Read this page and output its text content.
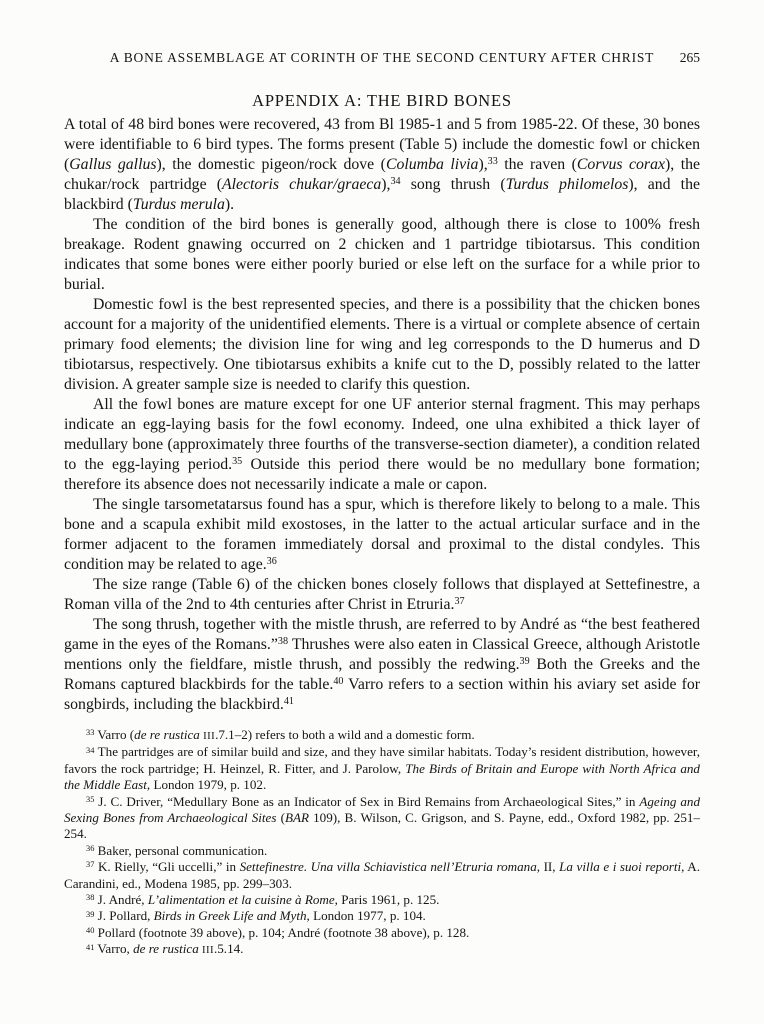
A BONE ASSEMBLAGE AT CORINTH OF THE SECOND CENTURY AFTER CHRIST 265
APPENDIX A: THE BIRD BONES

A total of 48 bird bones were recovered, 43 from Bl 1985-1 and 5 from 1985-22. Of these, 30 bones were identifiable to 6 bird types. The forms present (Table 5) include the domestic fowl or chicken (Gallus gallus), the domestic pigeon/rock dove (Columba livia),$^{33}$ the raven (Corvus corax), the chukar/rock partridge (Alectoris chukar/graeca),$^{34}$ song thrush (Turdus philomelos), and the blackbird (Turdus merula).

The condition of the bird bones is generally good, although there is close to 100% fresh breakage. Rodent gnawing occurred on 2 chicken and 1 partridge tibiotarsus. This condition indicates that some bones were either poorly buried or else left on the surface for a while prior to burial.

Domestic fowl is the best represented species, and there is a possibility that the chicken bones account for a majority of the unidentified elements. There is a virtual or complete absence of certain primary food elements; the division line for wing and leg corresponds to the D humerus and D tibiotarsus, respectively. One tibiotarsus exhibits a knife cut to the D, possibly related to the latter division. A greater sample size is needed to clarify this question.

All the fowl bones are mature except for one UF anterior sternal fragment. This may perhaps indicate an egg-laying basis for the fowl economy. Indeed, one ulna exhibited a thick layer of medullary bone (approximately three fourths of the transverse-section diameter), a condition related to the egg-laying period.$^{35}$ Outside this period there would be no medullary bone formation; therefore its absence does not necessarily indicate a male or capon.

The single tarsometatarsus found has a spur, which is therefore likely to belong to a male. This bone and a scapula exhibit mild exostoses, in the latter to the actual articular surface and in the former adjacent to the foramen immediately dorsal and proximal to the distal condyles. This condition may be related to age.$^{36}$

The size range (Table 6) of the chicken bones closely follows that displayed at Settefinestre, a Roman villa of the 2nd to 4th centuries after Christ in Etruria.$^{37}$

The song thrush, together with the mistle thrush, are referred to by André as “the best feathered game in the eyes of the Romans.”$^{38}$ Thrushes were also eaten in Classical Greece, although Aristotle mentions only the fieldfare, mistle thrush, and possibly the redwing.$^{39}$ Both the Greeks and the Romans captured blackbirds for the table.$^{40}$ Varro refers to a section within his aviary set aside for songbirds, including the blackbird.$^{41}$

$^{33}$ Varro (de re rustica III.7.1–2) refers to both a wild and a domestic form.

$^{34}$ The partridges are of similar build and size, and they have similar habitats. Today’s resident distribution, however, favors the rock partridge; H. Heinzel, R. Fitter, and J. Parolow, The Birds of Britain and Europe with North Africa and the Middle East, London 1979, p. 102.

$^{35}$ J. C. Driver, “Medullary Bone as an Indicator of Sex in Bird Remains from Archaeological Sites,” in Ageing and Sexing Bones from Archaeological Sites (BAR 109), B. Wilson, C. Grigson, and S. Payne, edd., Oxford 1982, pp. 251–254.

$^{36}$ Baker, personal communication.

$^{37}$ K. Rielly, “Gli uccelli,” in Settefinestre. Una villa Schiavistica nell’Etruria romana, II, La villa e i suoi reporti, A. Carandini, ed., Modena 1985, pp. 299–303.

$^{38}$ J. André, L’alimentation et la cuisine à Rome, Paris 1961, p. 125.

$^{39}$ J. Pollard, Birds in Greek Life and Myth, London 1977, p. 104.

$^{40}$ Pollard (footnote 39 above), p. 104; André (footnote 38 above), p. 128.

$^{41}$ Varro, de re rustica III.5.14.
